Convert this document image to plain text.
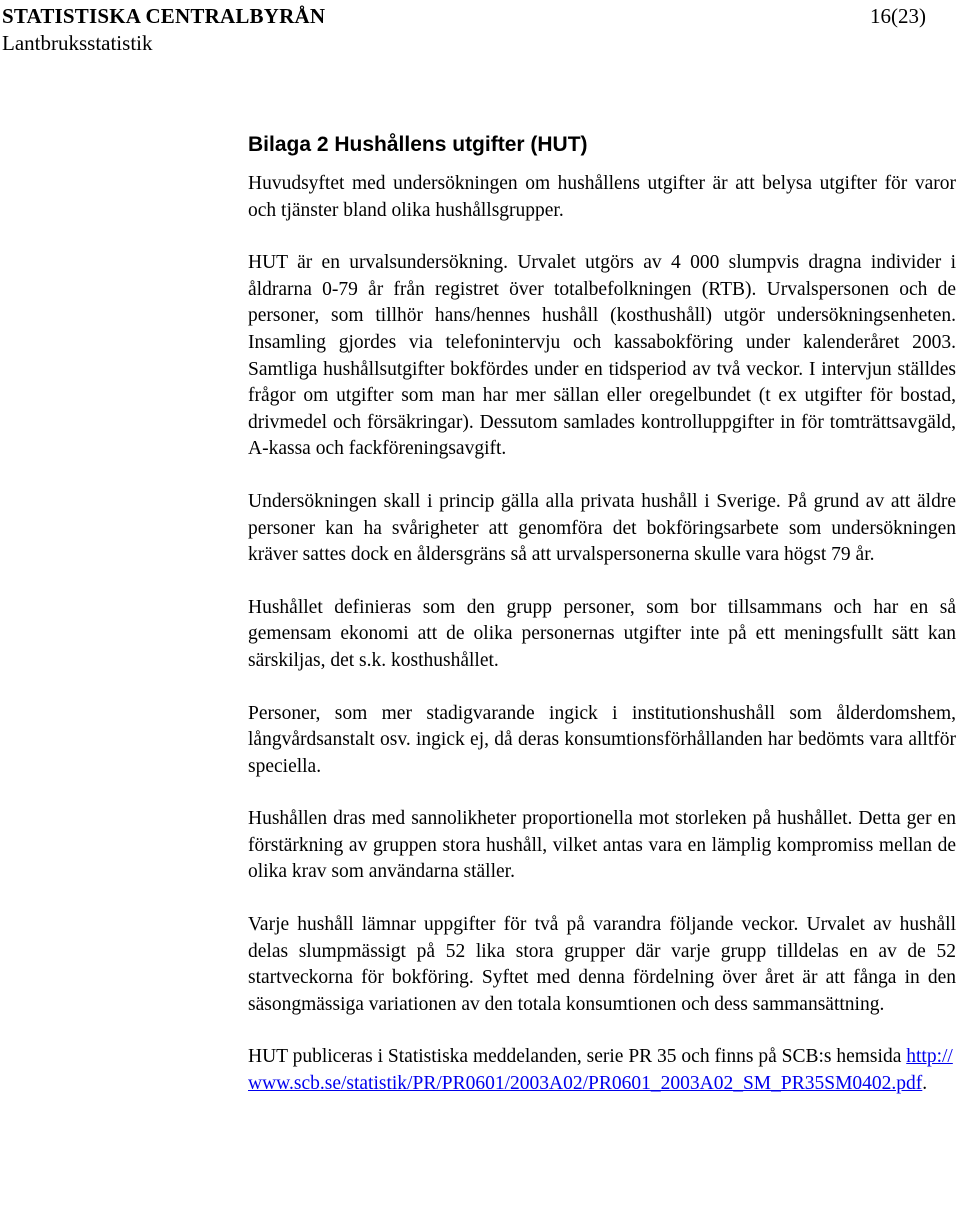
STATISTISKA CENTRALBYRÅN	16(23)
Lantbruksstatistik
Bilaga 2 Hushållens utgifter (HUT)

Huvudsyftet med undersökningen om hushållens utgifter är att belysa utgifter för varor och tjänster bland olika hushållsgrupper.

HUT är en urvalsundersökning. Urvalet utgörs av 4 000 slumpvis dragna individer i åldrarna 0-79 år från registret över totalbefolkningen (RTB). Urvalspersonen och de personer, som tillhör hans/hennes hushåll (kosthushåll) utgör undersökningsenheten. Insamling gjordes via telefonintervju och kassabokföring under kalenderåret 2003. Samtliga hushållsutgifter bokfördes under en tidsperiod av två veckor. I intervjun ställdes frågor om utgifter som man har mer sällan eller oregelbundet (t ex utgifter för bostad, drivmedel och försäkringar). Dessutom samlades kontrolluppgifter in för tomträttsavgäld, A-kassa och fackföreningsavgift.

Undersökningen skall i princip gälla alla privata hushåll i Sverige. På grund av att äldre personer kan ha svårigheter att genomföra det bokföringsarbete som undersökningen kräver sattes dock en åldersgräns så att urvalspersonerna skulle vara högst 79 år.

Hushållet definieras som den grupp personer, som bor tillsammans och har en så gemensam ekonomi att de olika personernas utgifter inte på ett meningsfullt sätt kan särskiljas, det s.k. kosthushållet.

Personer, som mer stadigvarande ingick i institutionshushåll som ålderdomshem, långvårdsanstalt osv. ingick ej, då deras konsumtionsförhållanden har bedömts vara alltför speciella.

Hushållen dras med sannolikheter proportionella mot storleken på hushållet. Detta ger en förstärkning av gruppen stora hushåll, vilket antas vara en lämplig kompromiss mellan de olika krav som användarna ställer.

Varje hushåll lämnar uppgifter för två på varandra följande veckor. Urvalet av hushåll delas slumpmässigt på 52 lika stora grupper där varje grupp tilldelas en av de 52 startveckorna för bokföring. Syftet med denna fördelning över året är att fånga in den säsongmässiga variationen av den totala konsumtionen och dess sammansättning.

HUT publiceras i Statistiska meddelanden, serie PR 35 och finns på SCB:s hemsida http://www.scb.se/statistik/PR/PR0601/2003A02/PR0601_2003A02_SM_PR35SM0402.pdf.
